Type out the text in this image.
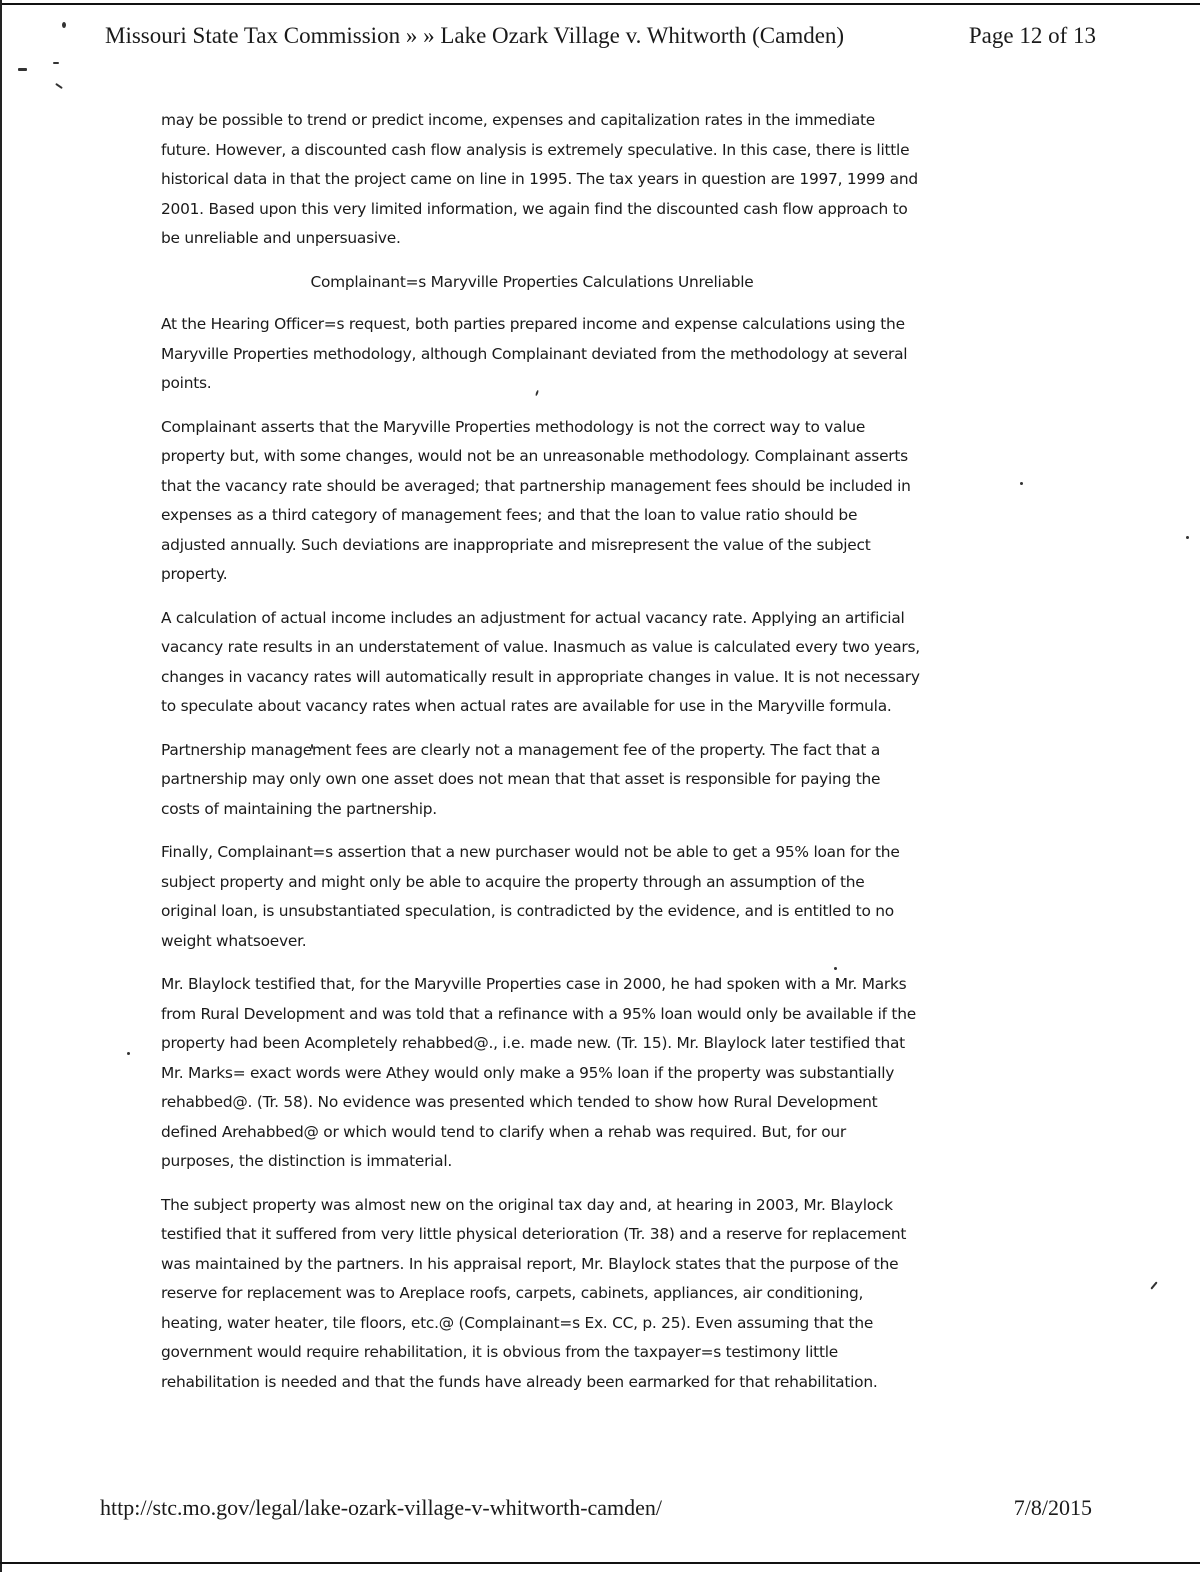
Missouri State Tax Commission » » Lake Ozark Village v. Whitworth (Camden)	Page 12 of 13

may be possible to trend or predict income, expenses and capitalization rates in the immediate future. However, a discounted cash flow analysis is extremely speculative. In this case, there is little historical data in that the project came on line in 1995. The tax years in question are 1997, 1999 and 2001. Based upon this very limited information, we again find the discounted cash flow approach to be unreliable and unpersuasive.

Complainant=s Maryville Properties Calculations Unreliable

At the Hearing Officer=s request, both parties prepared income and expense calculations using the Maryville Properties methodology, although Complainant deviated from the methodology at several points.

Complainant asserts that the Maryville Properties methodology is not the correct way to value property but, with some changes, would not be an unreasonable methodology. Complainant asserts that the vacancy rate should be averaged; that partnership management fees should be included in expenses as a third category of management fees; and that the loan to value ratio should be adjusted annually. Such deviations are inappropriate and misrepresent the value of the subject property.

A calculation of actual income includes an adjustment for actual vacancy rate. Applying an artificial vacancy rate results in an understatement of value. Inasmuch as value is calculated every two years, changes in vacancy rates will automatically result in appropriate changes in value. It is not necessary to speculate about vacancy rates when actual rates are available for use in the Maryville formula.

Partnership management fees are clearly not a management fee of the property. The fact that a partnership may only own one asset does not mean that that asset is responsible for paying the costs of maintaining the partnership.

Finally, Complainant=s assertion that a new purchaser would not be able to get a 95% loan for the subject property and might only be able to acquire the property through an assumption of the original loan, is unsubstantiated speculation, is contradicted by the evidence, and is entitled to no weight whatsoever.

Mr. Blaylock testified that, for the Maryville Properties case in 2000, he had spoken with a Mr. Marks from Rural Development and was told that a refinance with a 95% loan would only be available if the property had been Acompletely rehabbed@., i.e. made new. (Tr. 15). Mr. Blaylock later testified that Mr. Marks= exact words were Athey would only make a 95% loan if the property was substantially rehabbed@. (Tr. 58). No evidence was presented which tended to show how Rural Development defined Arehabbed@ or which would tend to clarify when a rehab was required. But, for our purposes, the distinction is immaterial.

The subject property was almost new on the original tax day and, at hearing in 2003, Mr. Blaylock testified that it suffered from very little physical deterioration (Tr. 38) and a reserve for replacement was maintained by the partners. In his appraisal report, Mr. Blaylock states that the purpose of the reserve for replacement was to Areplace roofs, carpets, cabinets, appliances, air conditioning, heating, water heater, tile floors, etc.@ (Complainant=s Ex. CC, p. 25). Even assuming that the government would require rehabilitation, it is obvious from the taxpayer=s testimony little rehabilitation is needed and that the funds have already been earmarked for that rehabilitation.

http://stc.mo.gov/legal/lake-ozark-village-v-whitworth-camden/	7/8/2015
